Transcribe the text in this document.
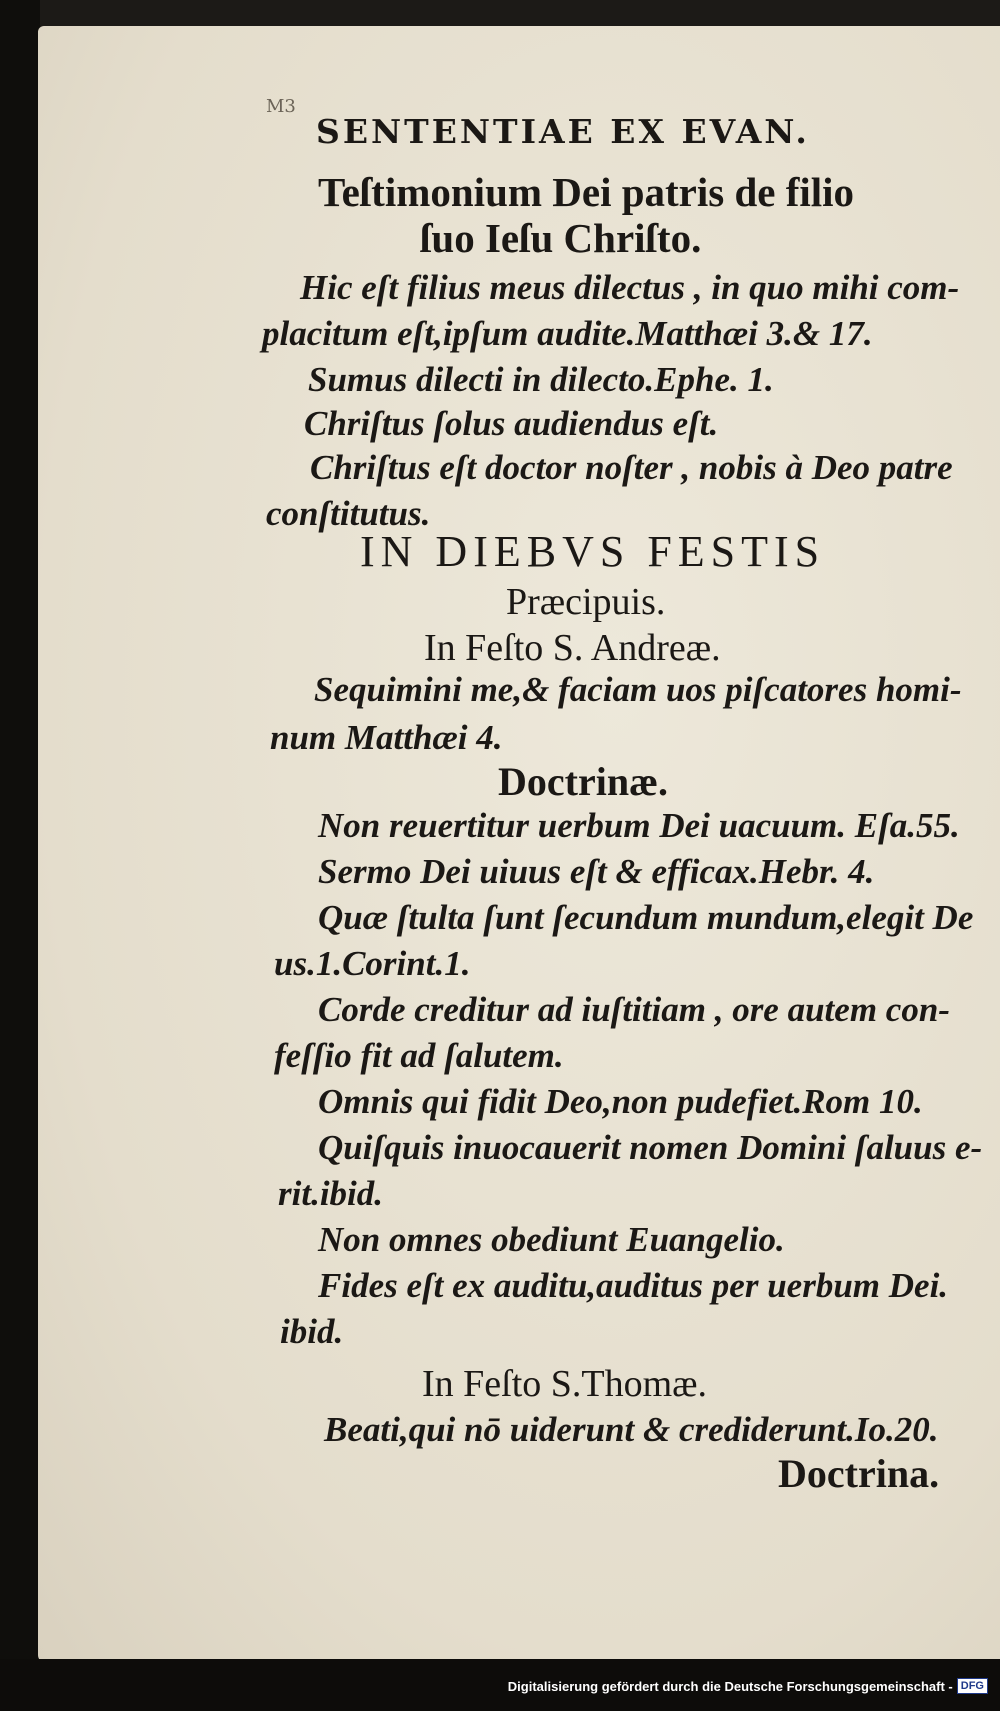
M3
SENTENTIAE EX EVAN.
Teſtimonium Dei patris de filio
ſuo Ieſu Chriſto.
Hic eſt filius meus dilectus , in quo mihi com-
placitum eſt,ipſum audite.Matthæi 3.& 17.
Sumus dilecti in dilecto.Ephe. 1.
Chriſtus ſolus audiendus eſt.
Chriſtus eſt doctor noſter , nobis à Deo patre
conſtitutus.
IN DIEBVS FESTIS
Præcipuis.
In Feſto S. Andreæ.
Sequimini me,& faciam uos piſcatores homi-
num Matthæi 4.
Doctrinæ.
Non reuertitur uerbum Dei uacuum. Eſa.55.
Sermo Dei uiuus eſt & efficax.Hebr. 4.
Quæ ſtulta ſunt ſecundum mundum,elegit De
us.1.Corint.1.
Corde creditur ad iuſtitiam , ore autem con-
feſſio fit ad ſalutem.
Omnis qui fidit Deo,non pudefiet.Rom 10.
Quiſquis inuocauerit nomen Domini ſaluus e-
rit.ibid.
Non omnes obediunt Euangelio.
Fides eſt ex auditu,auditus per uerbum Dei.
ibid.
In Feſto S.Thomæ.
Beati,qui nō uiderunt & crediderunt.Io.20.
Doctrina.
Digitalisierung gefördert durch die Deutsche Forschungsgemeinschaft - DFG
